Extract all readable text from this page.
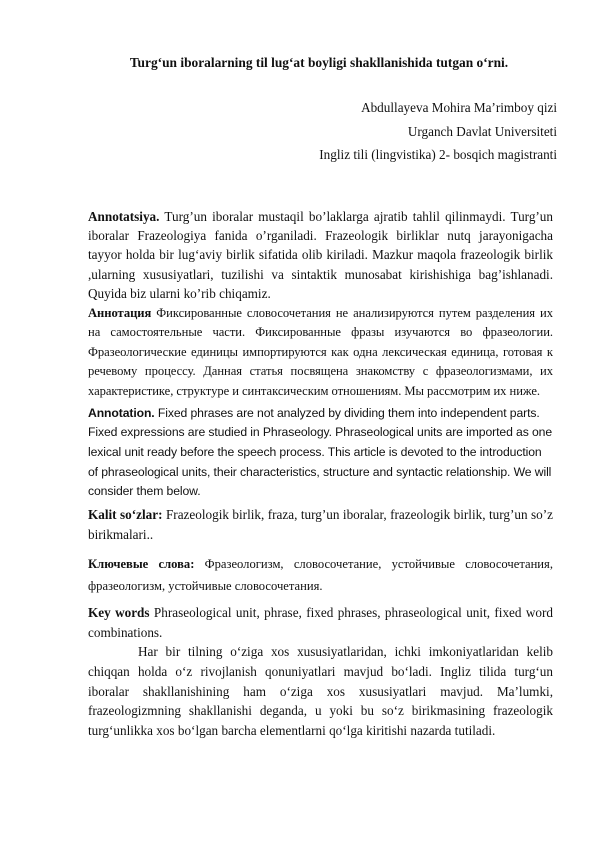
Turg‘un iboralarning til lug‘at boyligi shakllanishida tutgan o‘rni.
Abdullayeva Mohira Ma’rimboy qizi
Urganch Davlat Universiteti
Ingliz tili (lingvistika) 2- bosqich magistranti

Annotatsiya. Turg’un iboralar mustaqil bo’laklarga ajratib tahlil qilinmaydi. Turg’un iboralar Frazeologiya fanida o’rganiladi. Frazeologik birliklar nutq jarayonigacha tayyor holda bir lug‘aviy birlik sifatida olib kiriladi. Mazkur maqola frazeologik birlik ,ularning xususiyatlari, tuzilishi va sintaktik munosabat kirishishiga bag’ishlanadi. Quyida biz ularni ko’rib chiqamiz.

Аннотация Фиксированные словосочетания не анализируются путем разделения их на самостоятельные части. Фиксированные фразы изучаются во фразеологии. Фразеологические единицы импортируются как одна лексическая единица, готовая к речевому процессу. Данная статья посвящена знакомству с фразеологизмами, их характеристике, структуре и синтаксическим отношениям. Мы рассмотрим их ниже.

Annotation. Fixed phrases are not analyzed by dividing them into independent parts. Fixed expressions are studied in Phraseology. Phraseological units are imported as one lexical unit ready before the speech process. This article is devoted to the introduction of phraseological units, their characteristics, structure and syntactic relationship. We will consider them below.

Kalit so‘zlar: Frazeologik birlik, fraza, turg’un iboralar, frazeologik birlik, turg’un so’z birikmalari..

Ключевые слова: Фразеологизм, словосочетание, устойчивые словосочетания, фразеологизм, устойчивые словосочетания.

Key words Phraseological unit, phrase, fixed phrases, phraseological unit, fixed word combinations.

Har bir tilning o‘ziga xos xususiyatlaridan, ichki imkoniyatlaridan kelib chiqqan holda o‘z rivojlanish qonuniyatlari mavjud bo‘ladi. Ingliz tilida turg‘un iboralar shakllanishining ham o‘ziga xos xususiyatlari mavjud. Ma’lumki, frazeologizmning shakllanishi deganda, u yoki bu so‘z birikmasining frazeologik turg‘unlikka xos bo‘lgan barcha elementlarni qo‘lga kiritishi nazarda tutiladi.
